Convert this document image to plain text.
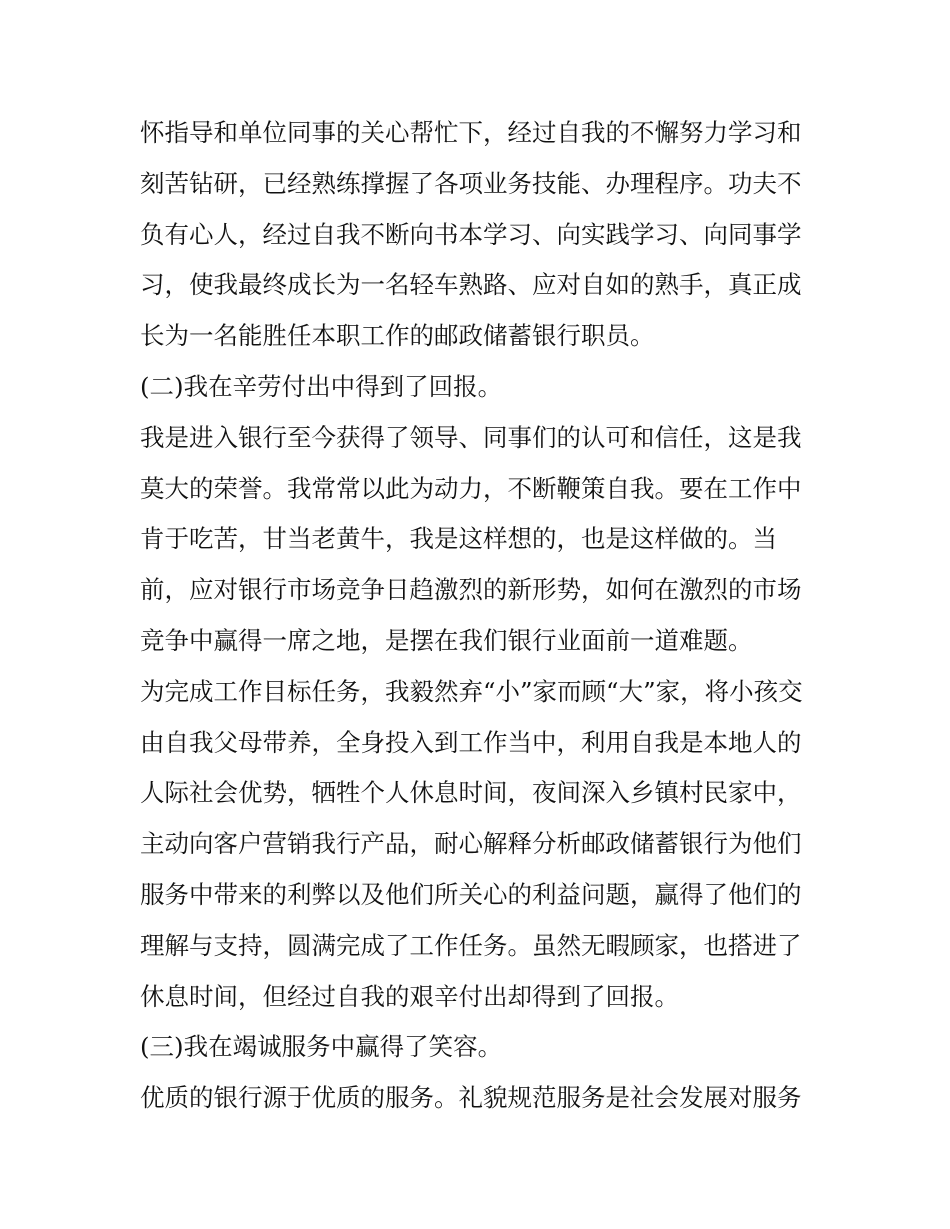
怀指导和单位同事的关心帮忙下，经过自我的不懈努力学习和
刻苦钻研，已经熟练撑握了各项业务技能、办理程序。功夫不
负有心人，经过自我不断向书本学习、向实践学习、向同事学
习，使我最终成长为一名轻车熟路、应对自如的熟手，真正成
长为一名能胜任本职工作的邮政储蓄银行职员。
(二)我在辛劳付出中得到了回报。
我是进入银行至今获得了领导、同事们的认可和信任，这是我
莫大的荣誉。我常常以此为动力，不断鞭策自我。要在工作中
肯于吃苦，甘当老黄牛，我是这样想的，也是这样做的。当
前，应对银行市场竞争日趋激烈的新形势，如何在激烈的市场
竞争中赢得一席之地，是摆在我们银行业面前一道难题。
为完成工作目标任务，我毅然弃“小”家而顾“大”家，将小孩交
由自我父母带养，全身投入到工作当中，利用自我是本地人的
人际社会优势，牺牲个人休息时间，夜间深入乡镇村民家中，
主动向客户营销我行产品，耐心解释分析邮政储蓄银行为他们
服务中带来的利弊以及他们所关心的利益问题，赢得了他们的
理解与支持，圆满完成了工作任务。虽然无暇顾家，也搭进了
休息时间，但经过自我的艰辛付出却得到了回报。
(三)我在竭诚服务中赢得了笑容。
优质的银行源于优质的服务。礼貌规范服务是社会发展对服务
